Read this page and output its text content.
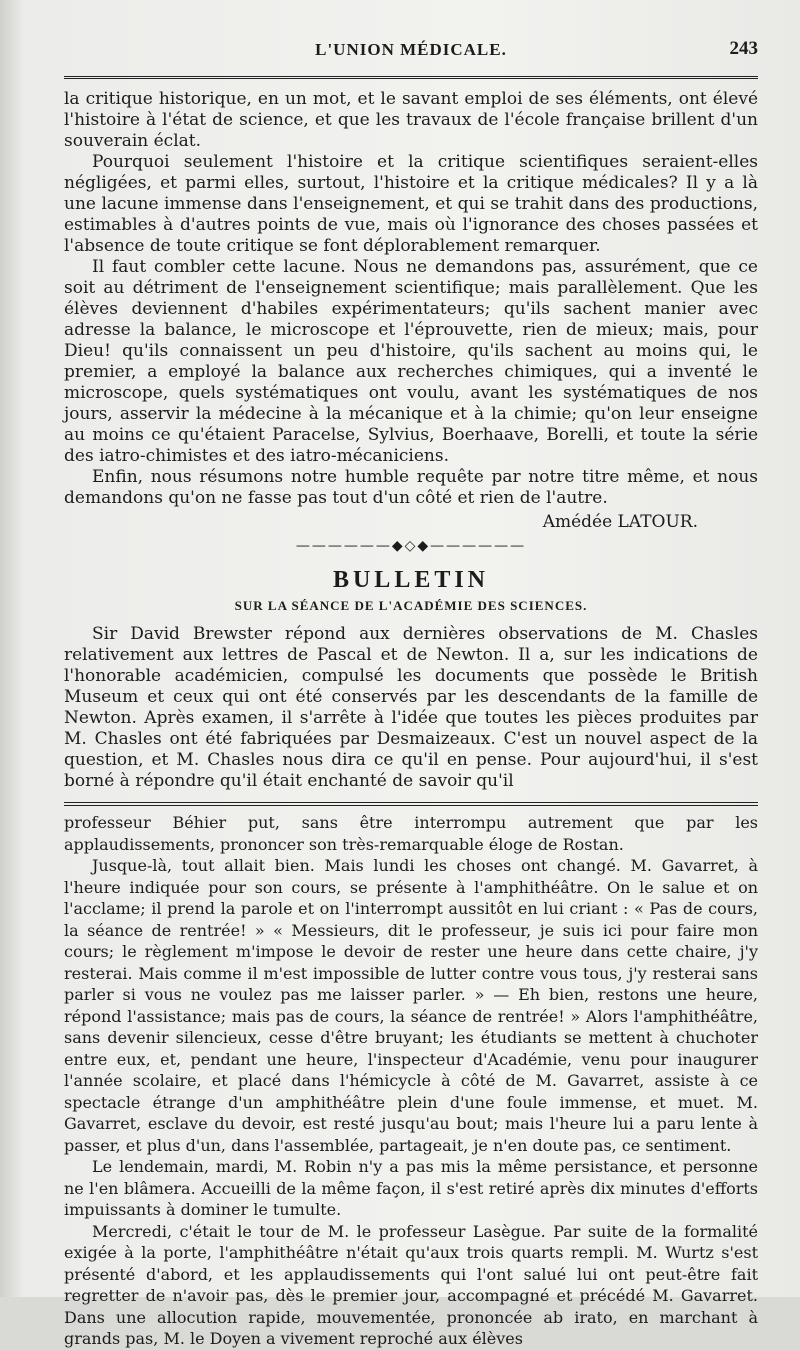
L'UNION MÉDICALE.	243

la critique historique, en un mot, et le savant emploi de ses éléments, ont élevé l'histoire à l'état de science, et que les travaux de l'école française brillent d'un souverain éclat.

Pourquoi seulement l'histoire et la critique scientifiques seraient-elles négligées, et parmi elles, surtout, l'histoire et la critique médicales? Il y a là une lacune immense dans l'enseignement, et qui se trahit dans des productions, estimables à d'autres points de vue, mais où l'ignorance des choses passées et l'absence de toute critique se font déplorablement remarquer.

Il faut combler cette lacune. Nous ne demandons pas, assurément, que ce soit au détriment de l'enseignement scientifique; mais parallèlement. Que les élèves deviennent d'habiles expérimentateurs; qu'ils sachent manier avec adresse la balance, le microscope et l'éprouvette, rien de mieux; mais, pour Dieu! qu'ils connaissent un peu d'histoire, qu'ils sachent au moins qui, le premier, a employé la balance aux recherches chimiques, qui a inventé le microscope, quels systématiques ont voulu, avant les systématiques de nos jours, asservir la médecine à la mécanique et à la chimie; qu'on leur enseigne au moins ce qu'étaient Paracelse, Sylvius, Boerhaave, Borelli, et toute la série des iatro-chimistes et des iatro-mécaniciens.

Enfin, nous résumons notre humble requête par notre titre même, et nous demandons qu'on ne fasse pas tout d'un côté et rien de l'autre.

Amédée LATOUR.
——————◆◇◆——————
BULLETIN
SUR LA SÉANCE DE L'ACADÉMIE DES SCIENCES.

Sir David Brewster répond aux dernières observations de M. Chasles relativement aux lettres de Pascal et de Newton. Il a, sur les indications de l'honorable académicien, compulsé les documents que possède le British Museum et ceux qui ont été conservés par les descendants de la famille de Newton. Après examen, il s'arrête à l'idée que toutes les pièces produites par M. Chasles ont été fabriquées par Desmaizeaux. C'est un nouvel aspect de la question, et M. Chasles nous dira ce qu'il en pense. Pour aujourd'hui, il s'est borné à répondre qu'il était enchanté de savoir qu'il

professeur Béhier put, sans être interrompu autrement que par les applaudissements, prononcer son très-remarquable éloge de Rostan.

Jusque-là, tout allait bien. Mais lundi les choses ont changé. M. Gavarret, à l'heure indiquée pour son cours, se présente à l'amphithéâtre. On le salue et on l'acclame; il prend la parole et on l'interrompt aussitôt en lui criant : « Pas de cours, la séance de rentrée! » « Messieurs, dit le professeur, je suis ici pour faire mon cours; le règlement m'impose le devoir de rester une heure dans cette chaire, j'y resterai. Mais comme il m'est impossible de lutter contre vous tous, j'y resterai sans parler si vous ne voulez pas me laisser parler. » — Eh bien, restons une heure, répond l'assistance; mais pas de cours, la séance de rentrée! » Alors l'amphithéâtre, sans devenir silencieux, cesse d'être bruyant; les étudiants se mettent à chuchoter entre eux, et, pendant une heure, l'inspecteur d'Académie, venu pour inaugurer l'année scolaire, et placé dans l'hémicycle à côté de M. Gavarret, assiste à ce spectacle étrange d'un amphithéâtre plein d'une foule immense, et muet. M. Gavarret, esclave du devoir, est resté jusqu'au bout; mais l'heure lui a paru lente à passer, et plus d'un, dans l'assemblée, partageait, je n'en doute pas, ce sentiment.

Le lendemain, mardi, M. Robin n'y a pas mis la même persistance, et personne ne l'en blâmera. Accueilli de la même façon, il s'est retiré après dix minutes d'efforts impuissants à dominer le tumulte.

Mercredi, c'était le tour de M. le professeur Lasègue. Par suite de la formalité exigée à la porte, l'amphithéâtre n'était qu'aux trois quarts rempli. M. Wurtz s'est présenté d'abord, et les applaudissements qui l'ont salué lui ont peut-être fait regretter de n'avoir pas, dès le premier jour, accompagné et précédé M. Gavarret. Dans une allocution rapide, mouvementée, prononcée ab irato, en marchant à grands pas, M. le Doyen a vivement reproché aux élèves
